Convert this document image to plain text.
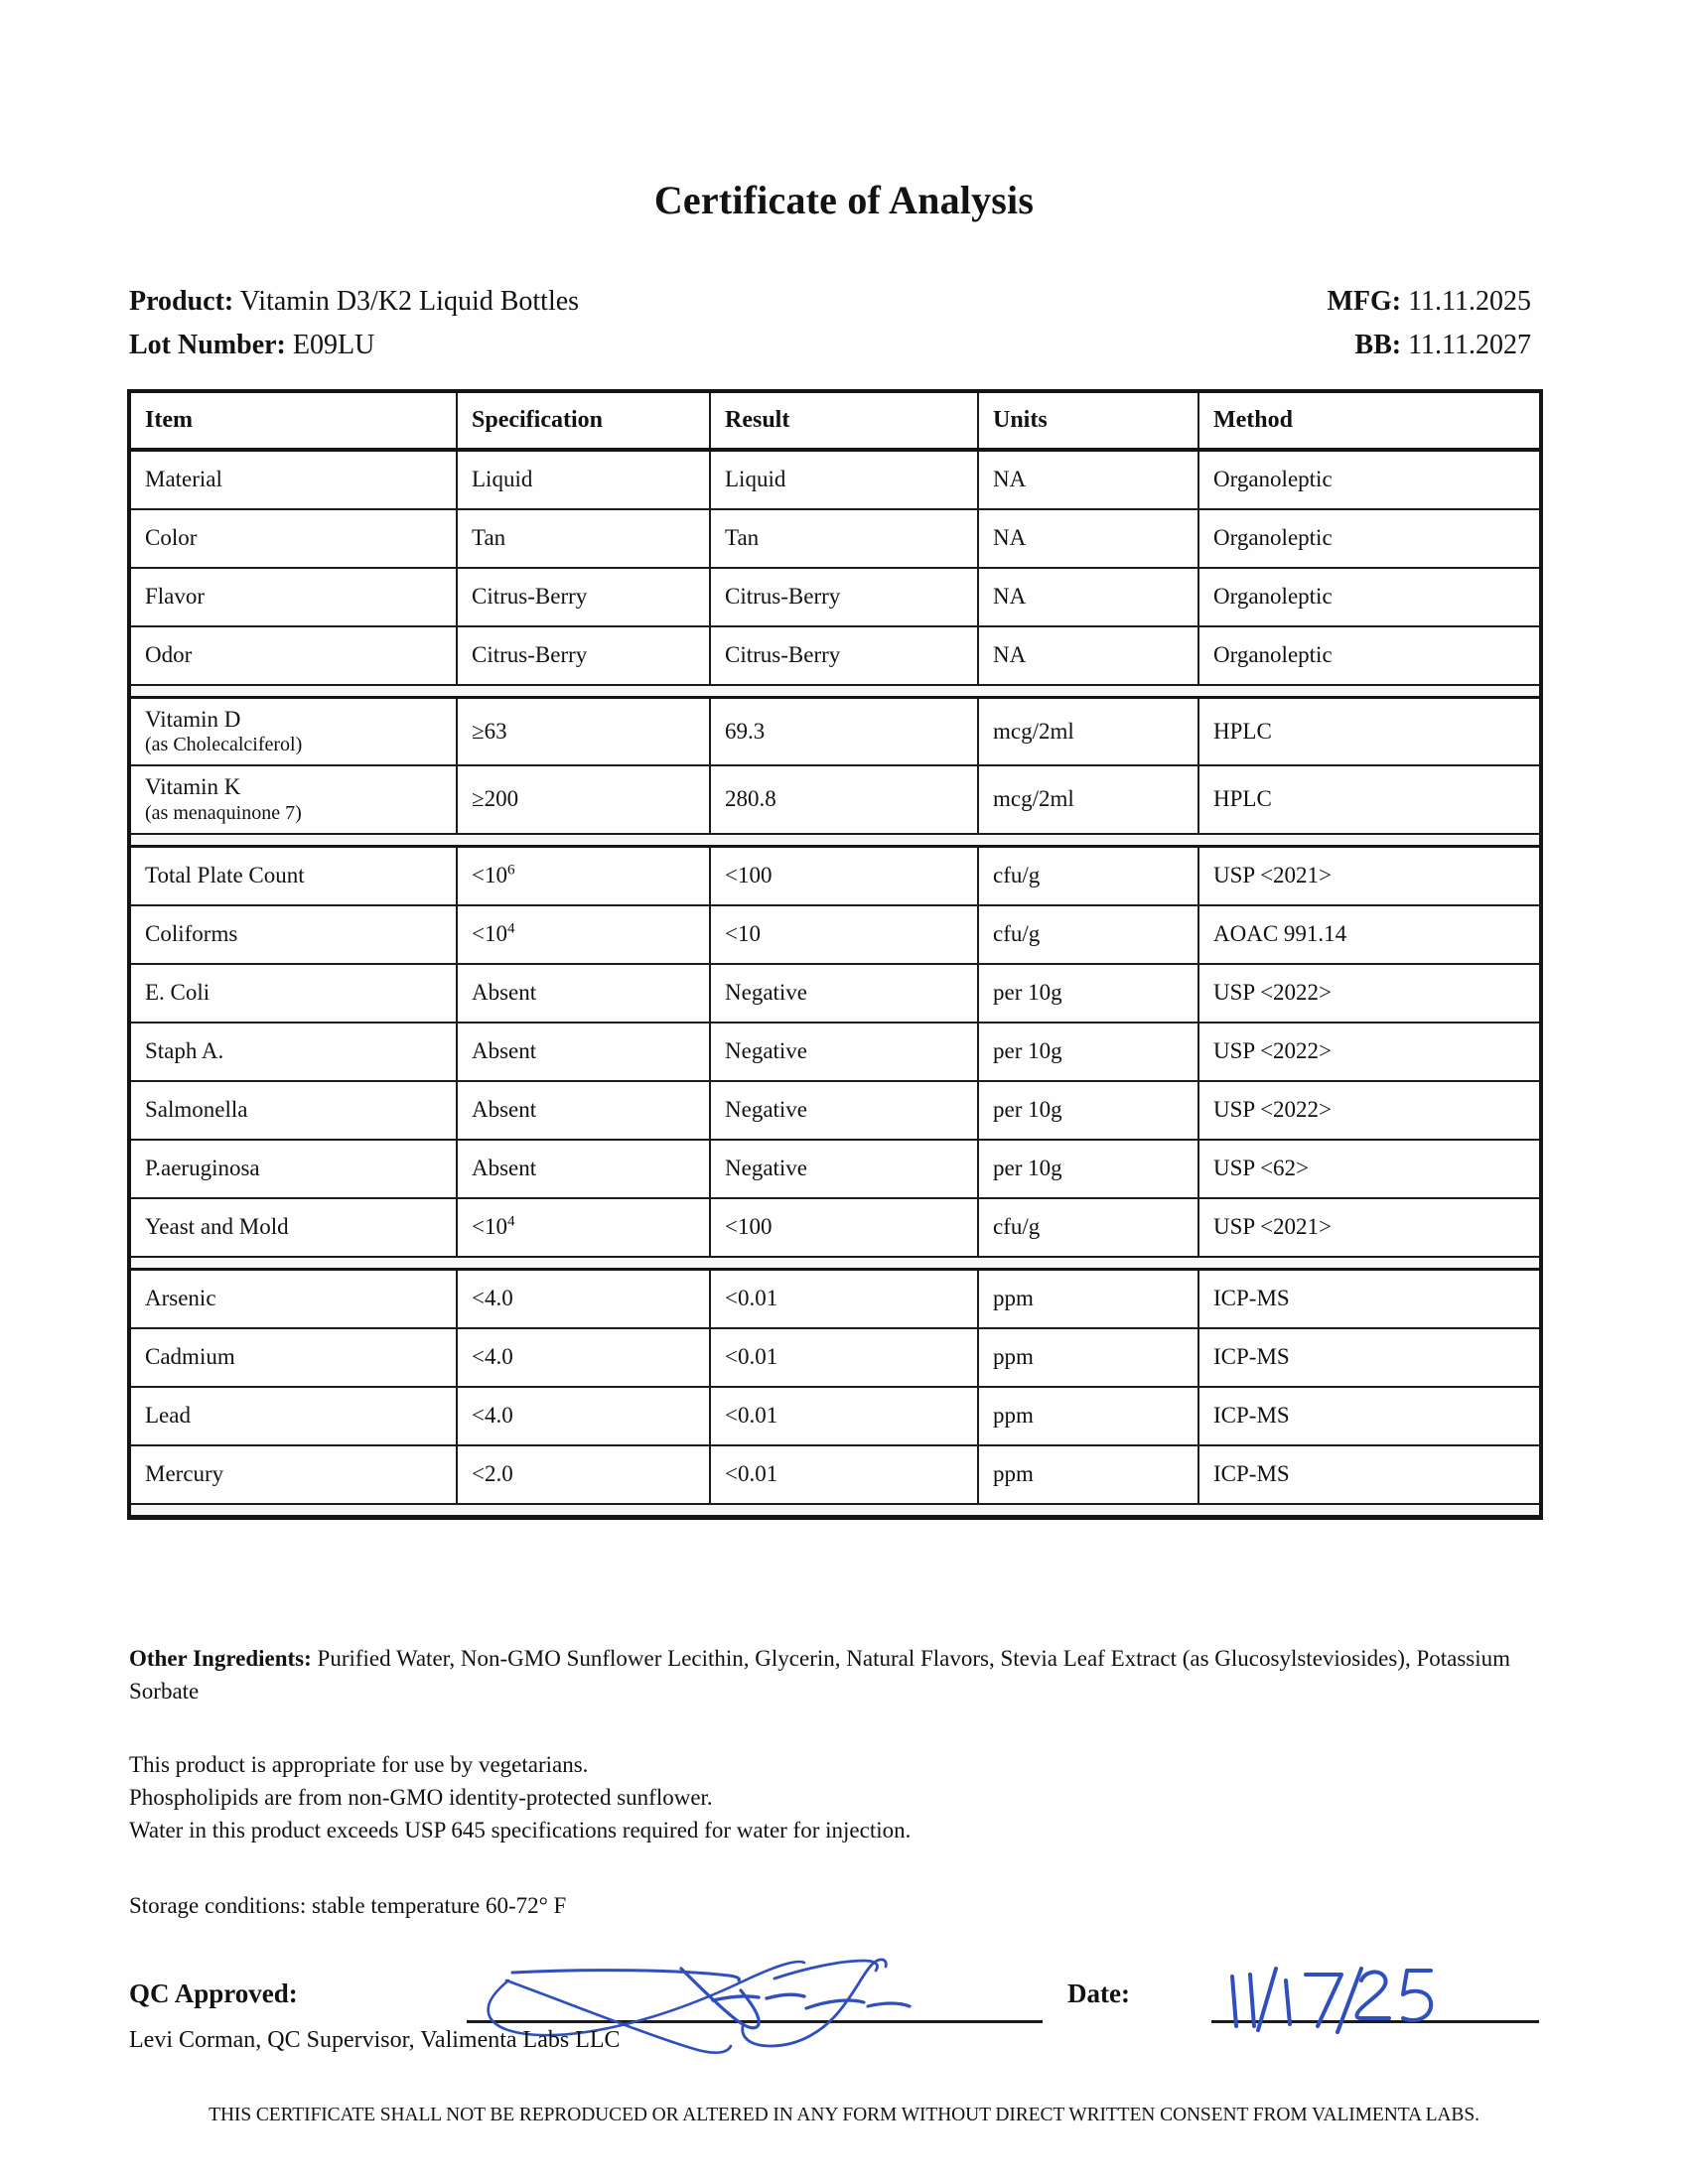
Certificate of Analysis
Product: Vitamin D3/K2 Liquid Bottles	MFG: 11.11.2025
Lot Number: E09LU	BB: 11.11.2027
Item	Specification	Result	Units	Method
Material	Liquid	Liquid	NA	Organoleptic
Color	Tan	Tan	NA	Organoleptic
Flavor	Citrus-Berry	Citrus-Berry	NA	Organoleptic
Odor	Citrus-Berry	Citrus-Berry	NA	Organoleptic

Vitamin D
(as Cholecalciferol)	≥63	69.3	mcg/2ml	HPLC

Vitamin K
(as menaquinone 7)	≥200	280.8	mcg/2ml	HPLC

Total Plate Count	$<10^6$	<100	cfu/g	USP <2021>
Coliforms	$<10^4$	<10	cfu/g	AOAC 991.14
E. Coli	Absent	Negative	per 10g	USP <2022>
Staph A.	Absent	Negative	per 10g	USP <2022>
Salmonella	Absent	Negative	per 10g	USP <2022>
P.aeruginosa	Absent	Negative	per 10g	USP <62>
Yeast and Mold	$<10^4$	<100	cfu/g	USP <2021>

Arsenic	<4.0	<0.01	ppm	ICP-MS
Cadmium	<4.0	<0.01	ppm	ICP-MS
Lead	<4.0	<0.01	ppm	ICP-MS
Mercury	<2.0	<0.01	ppm	ICP-MS

Other Ingredients: Purified Water, Non-GMO Sunflower Lecithin, Glycerin, Natural Flavors, Stevia Leaf Extract (as Glucosylsteviosides), Potassium Sorbate
This product is appropriate for use by vegetarians.
Phospholipids are from non-GMO identity-protected sunflower.
Water in this product exceeds USP 645 specifications required for water for injection.
Storage conditions: stable temperature 60-72° F
QC Approved:	Date:
Levi Corman, QC Supervisor, Valimenta Labs LLC
THIS CERTIFICATE SHALL NOT BE REPRODUCED OR ALTERED IN ANY FORM WITHOUT DIRECT WRITTEN CONSENT FROM VALIMENTA LABS.
